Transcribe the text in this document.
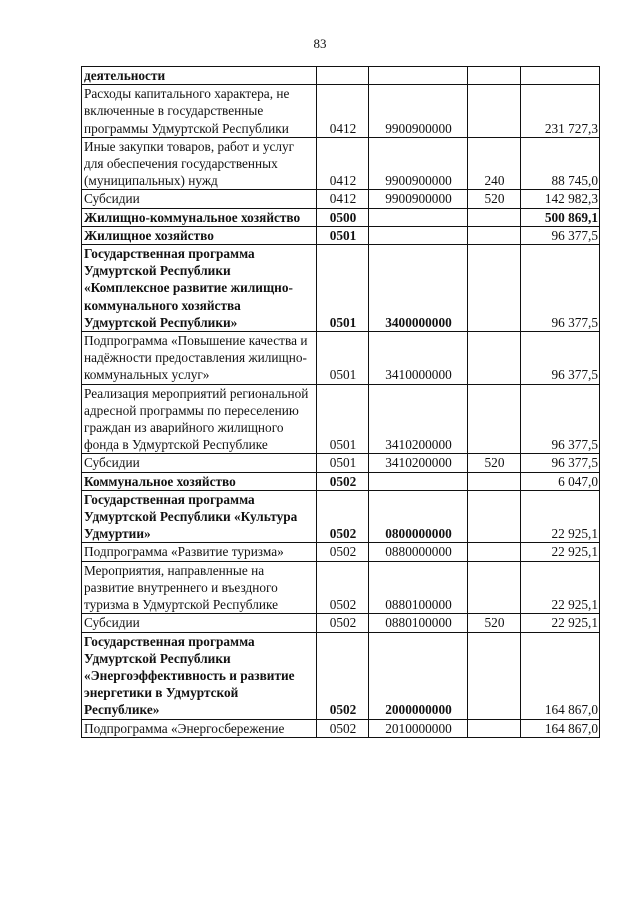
83
деятельности				
Расходы капитального характера, не включенные в государственные программы Удмуртской Республики	0412	9900900000		231 727,3
Иные закупки товаров, работ и услуг для обеспечения государственных (муниципальных) нужд	0412	9900900000	240	88 745,0
Субсидии	0412	9900900000	520	142 982,3
Жилищно-коммунальное хозяйство	0500			500 869,1
Жилищное хозяйство	0501			96 377,5
Государственная программа Удмуртской Республики «Комплексное развитие жилищно-коммунального хозяйства Удмуртской Республики»	0501	3400000000		96 377,5
Подпрограмма «Повышение качества и надёжности предоставления жилищно-коммунальных услуг»	0501	3410000000		96 377,5
Реализация мероприятий региональной адресной программы по переселению граждан из аварийного жилищного фонда в Удмуртской Республике	0501	3410200000		96 377,5
Субсидии	0501	3410200000	520	96 377,5
Коммунальное хозяйство	0502			6 047,0
Государственная программа Удмуртской Республики «Культура Удмуртии»	0502	0800000000		22 925,1
Подпрограмма «Развитие туризма»	0502	0880000000		22 925,1
Мероприятия, направленные на развитие внутреннего и въездного туризма в Удмуртской Республике	0502	0880100000		22 925,1
Субсидии	0502	0880100000	520	22 925,1
Государственная программа Удмуртской Республики «Энергоэффективность и развитие энергетики в Удмуртской Республике»	0502	2000000000		164 867,0
Подпрограмма «Энергосбережение	0502	2010000000		164 867,0
